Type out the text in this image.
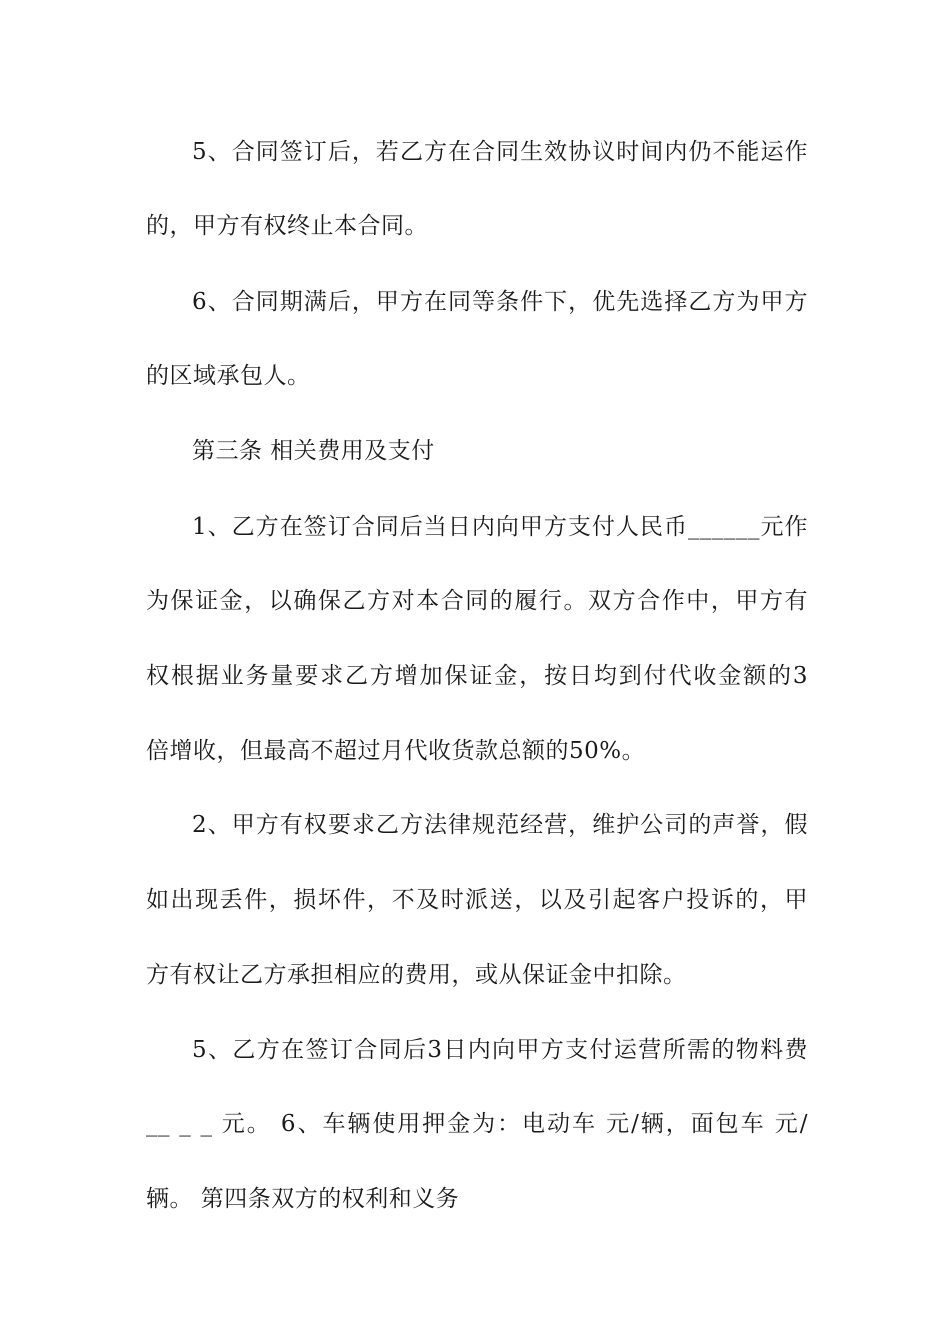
5、合同签订后，若乙方在合同生效协议时间内仍不能运作
的，甲方有权终止本合同。
6、合同期满后，甲方在同等条件下，优先选择乙方为甲方
的区域承包人。
第三条 相关费用及支付
1、乙方在签订合同后当日内向甲方支付人民币______元作
为保证金，以确保乙方对本合同的履行。双方合作中，甲方有
权根据业务量要求乙方增加保证金，按日均到付代收金额的3
倍增收，但最高不超过月代收货款总额的50%。
2、甲方有权要求乙方法律规范经营，维护公司的声誉，假
如出现丢件，损坏件，不及时派送，以及引起客户投诉的，甲
方有权让乙方承担相应的费用，或从保证金中扣除。
5、乙方在签订合同后3日内向甲方支付运营所需的物料费
__ _ _ 元。 6、车辆使用押金为：电动车 元/辆，面包车 元/
辆。 第四条双方的权利和义务
